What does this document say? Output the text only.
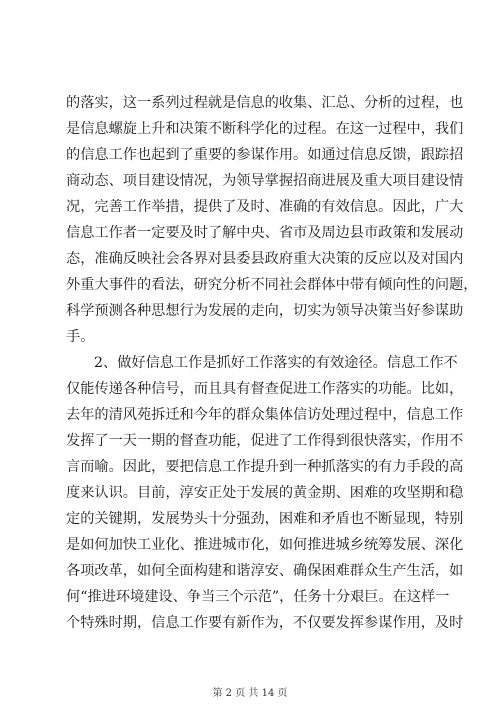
的落实，这一系列过程就是信息的收集、汇总、分析的过程，也
是信息螺旋上升和决策不断科学化的过程。在这一过程中，我们
的信息工作也起到了重要的参谋作用。如通过信息反馈，跟踪招
商动态、项目建设情况，为领导掌握招商进展及重大项目建设情
况，完善工作举措，提供了及时、准确的有效信息。因此，广大
信息工作者一定要及时了解中央、省市及周边县市政策和发展动
态，准确反映社会各界对县委县政府重大决策的反应以及对国内
外重大事件的看法，研究分析不同社会群体中带有倾向性的问题，
科学预测各种思想行为发展的走向，切实为领导决策当好参谋助
手。
2、做好信息工作是抓好工作落实的有效途径。信息工作不
仅能传递各种信号，而且具有督查促进工作落实的功能。比如，
去年的清风苑拆迁和今年的群众集体信访处理过程中，信息工作
发挥了一天一期的督查功能，促进了工作得到很快落实，作用不
言而喻。因此，要把信息工作提升到一种抓落实的有力手段的高
度来认识。目前，淳安正处于发展的黄金期、困难的攻坚期和稳
定的关键期，发展势头十分强劲，困难和矛盾也不断显现，特别
是如何加快工业化、推进城市化，如何推进城乡统筹发展、深化
各项改革，如何全面构建和谐淳安、确保困难群众生产生活，如
何“推进环境建设、争当三个示范”，任务十分艰巨。在这样一
个特殊时期，信息工作要有新作为，不仅要发挥参谋作用，及时
第 2 页 共 14 页
